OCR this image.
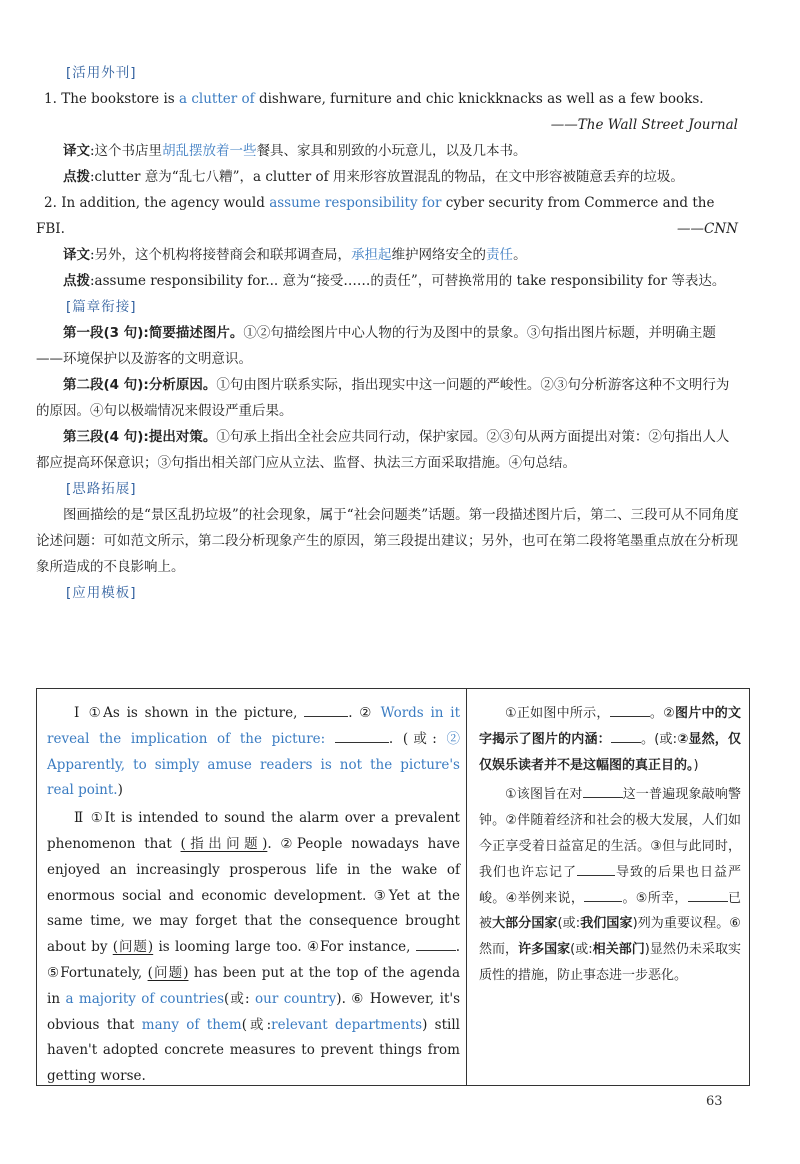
[活用外刊]
1. The bookstore is a clutter of dishware, furniture and chic knickknacks as well as a few books.
——The Wall Street Journal
译文:这个书店里胡乱摆放着一些餐具、家具和别致的小玩意儿，以及几本书。
点拨:clutter 意为“乱七八糟”，a clutter of 用来形容放置混乱的物品，在文中形容被随意丢弃的垃圾。
2. In addition, the agency would assume responsibility for cyber security from Commerce and the FBI.	——CNN
译文:另外，这个机构将接替商会和联邦调查局，承担起维护网络安全的责任。
点拨:assume responsibility for... 意为“接受……的责任”，可替换常用的 take responsibility for 等表达。
[篇章衔接]
第一段(3 句):简要描述图片。①②句描绘图片中心人物的行为及图中的景象。③句指出图片标题，并明确主题——环境保护以及游客的文明意识。
第二段(4 句):分析原因。①句由图片联系实际，指出现实中这一问题的严峻性。②③句分析游客这种不文明行为的原因。④句以极端情况来假设严重后果。
第三段(4 句):提出对策。①句承上指出全社会应共同行动，保护家园。②③句从两方面提出对策：②句指出人人都应提高环保意识；③句指出相关部门应从立法、监督、执法三方面采取措施。④句总结。
[思路拓展]
图画描绘的是“景区乱扔垃圾”的社会现象，属于“社会问题类”话题。第一段描述图片后，第二、三段可从不同角度论述问题：可如范文所示，第二段分析现象产生的原因，第三段提出建议；另外，也可在第二段将笔墨重点放在分析现象所造成的不良影响上。
[应用模板]
Ⅰ ①As is shown in the picture,	. ② Words in it reveal the implication of the picture:	. (或: ② Apparently, to simply amuse readers is not the picture's real point.)
Ⅱ ①It is intended to sound the alarm over a prevalent phenomenon that (指出问题). ②People nowadays have enjoyed an increasingly prosperous life in the wake of enormous social and economic development. ③Yet at the same time, we may forget that the consequence brought about by (问题) is looming large too. ④For instance,	. ⑤Fortunately, (问题) has been put at the top of the agenda in a majority of countries(或: our country). ⑥ However, it's obvious that many of them(或:relevant departments) still haven't adopted concrete measures to prevent things from getting worse.
①正如图中所示，	。②图片中的文字揭示了图片的内涵： 。(或:②显然，仅仅娱乐读者并不是这幅图的真正目的。)
①该图旨在对	这一普遍现象敲响警钟。②伴随着经济和社会的极大发展，人们如今正享受着日益富足的生活。③但与此同时，我们也许忘记了	导致的后果也日益严峻。④举例来说，	。⑤所幸，	已被大部分国家(或:我们国家)列为重要议程。⑥然而，许多国家(或:相关部门)显然仍未采取实质性的措施，防止事态进一步恶化。
63
